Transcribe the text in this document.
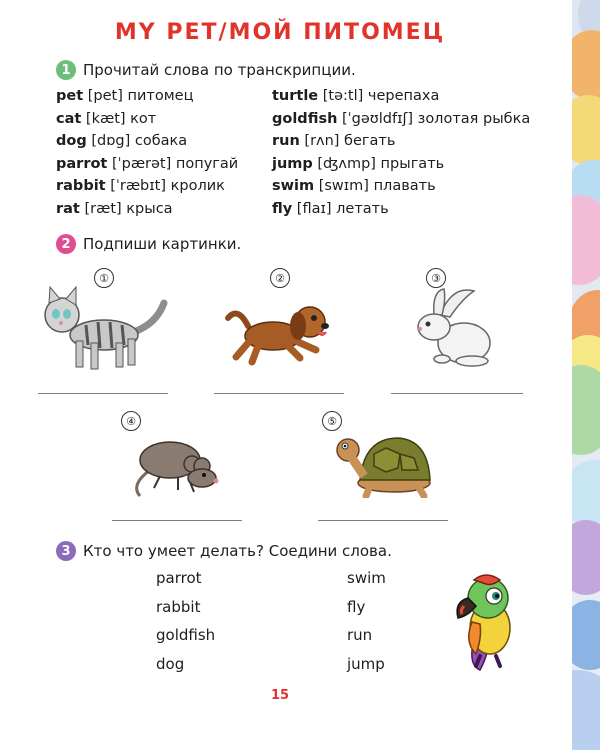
MY PET/МОЙ ПИТОМЕЦ
1 Прочитай слова по транскрипции.
pet [pet] питомец
cat [kæt] кот
dog [dɒg] собака
parrot [ˈpærət] попугай
rabbit [ˈræbɪt] кролик
rat [ræt] крыса
turtle [tə:tl] черепаха
goldfish [ˈgəʊldfɪʃ] золотая рыбка
run [rʌn] бегать
jump [ʤʌmp] прыгать
swim [swɪm] плавать
fly [flaɪ] летать
2 Подпиши картинки.
①	②	③
④	⑤
3 Кто что умеет делать? Соедини слова.
parrot
rabbit
goldfish
dog
swim
fly
run
jump
15
